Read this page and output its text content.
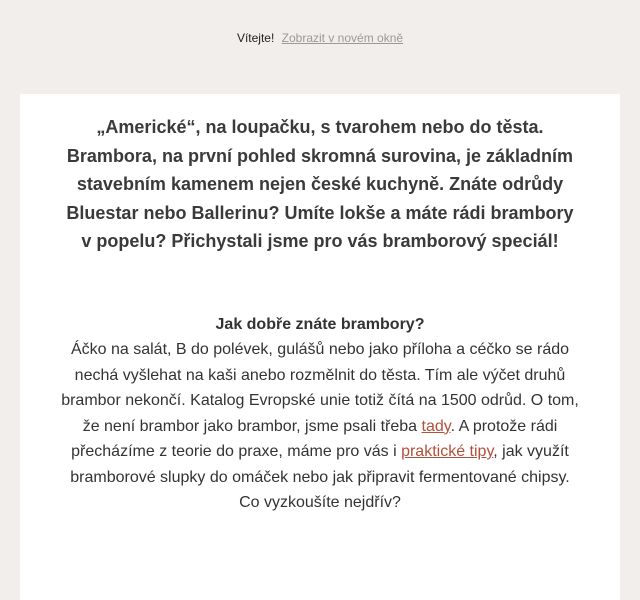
Vítejte! Zobrazit v novém okně

„Americké“, na loupačku, s tvarohem nebo do těsta. Brambora, na první pohled skromná surovina, je základním stavebním kamenem nejen české kuchyně. Znáte odrůdy Bluestar nebo Ballerinu? Umíte lokše a máte rádi brambory v popelu? Přichystali jsme pro vás bramborový speciál!

Jak dobře znáte brambory?

Áčko na salát, B do polévek, gulášů nebo jako příloha a céčko se rádo nechá vyšlehat na kaši anebo rozmělnit do těsta. Tím ale výčet druhů brambor nekončí. Katalog Evropské unie totiž čítá na 1500 odrůd. O tom, že není brambor jako brambor, jsme psali třeba tady. A protože rádi přecházíme z teorie do praxe, máme pro vás i praktické tipy, jak využít bramborové slupky do omáček nebo jak připravit fermentované chipsy. Co vyzkoušíte nejdřív?
